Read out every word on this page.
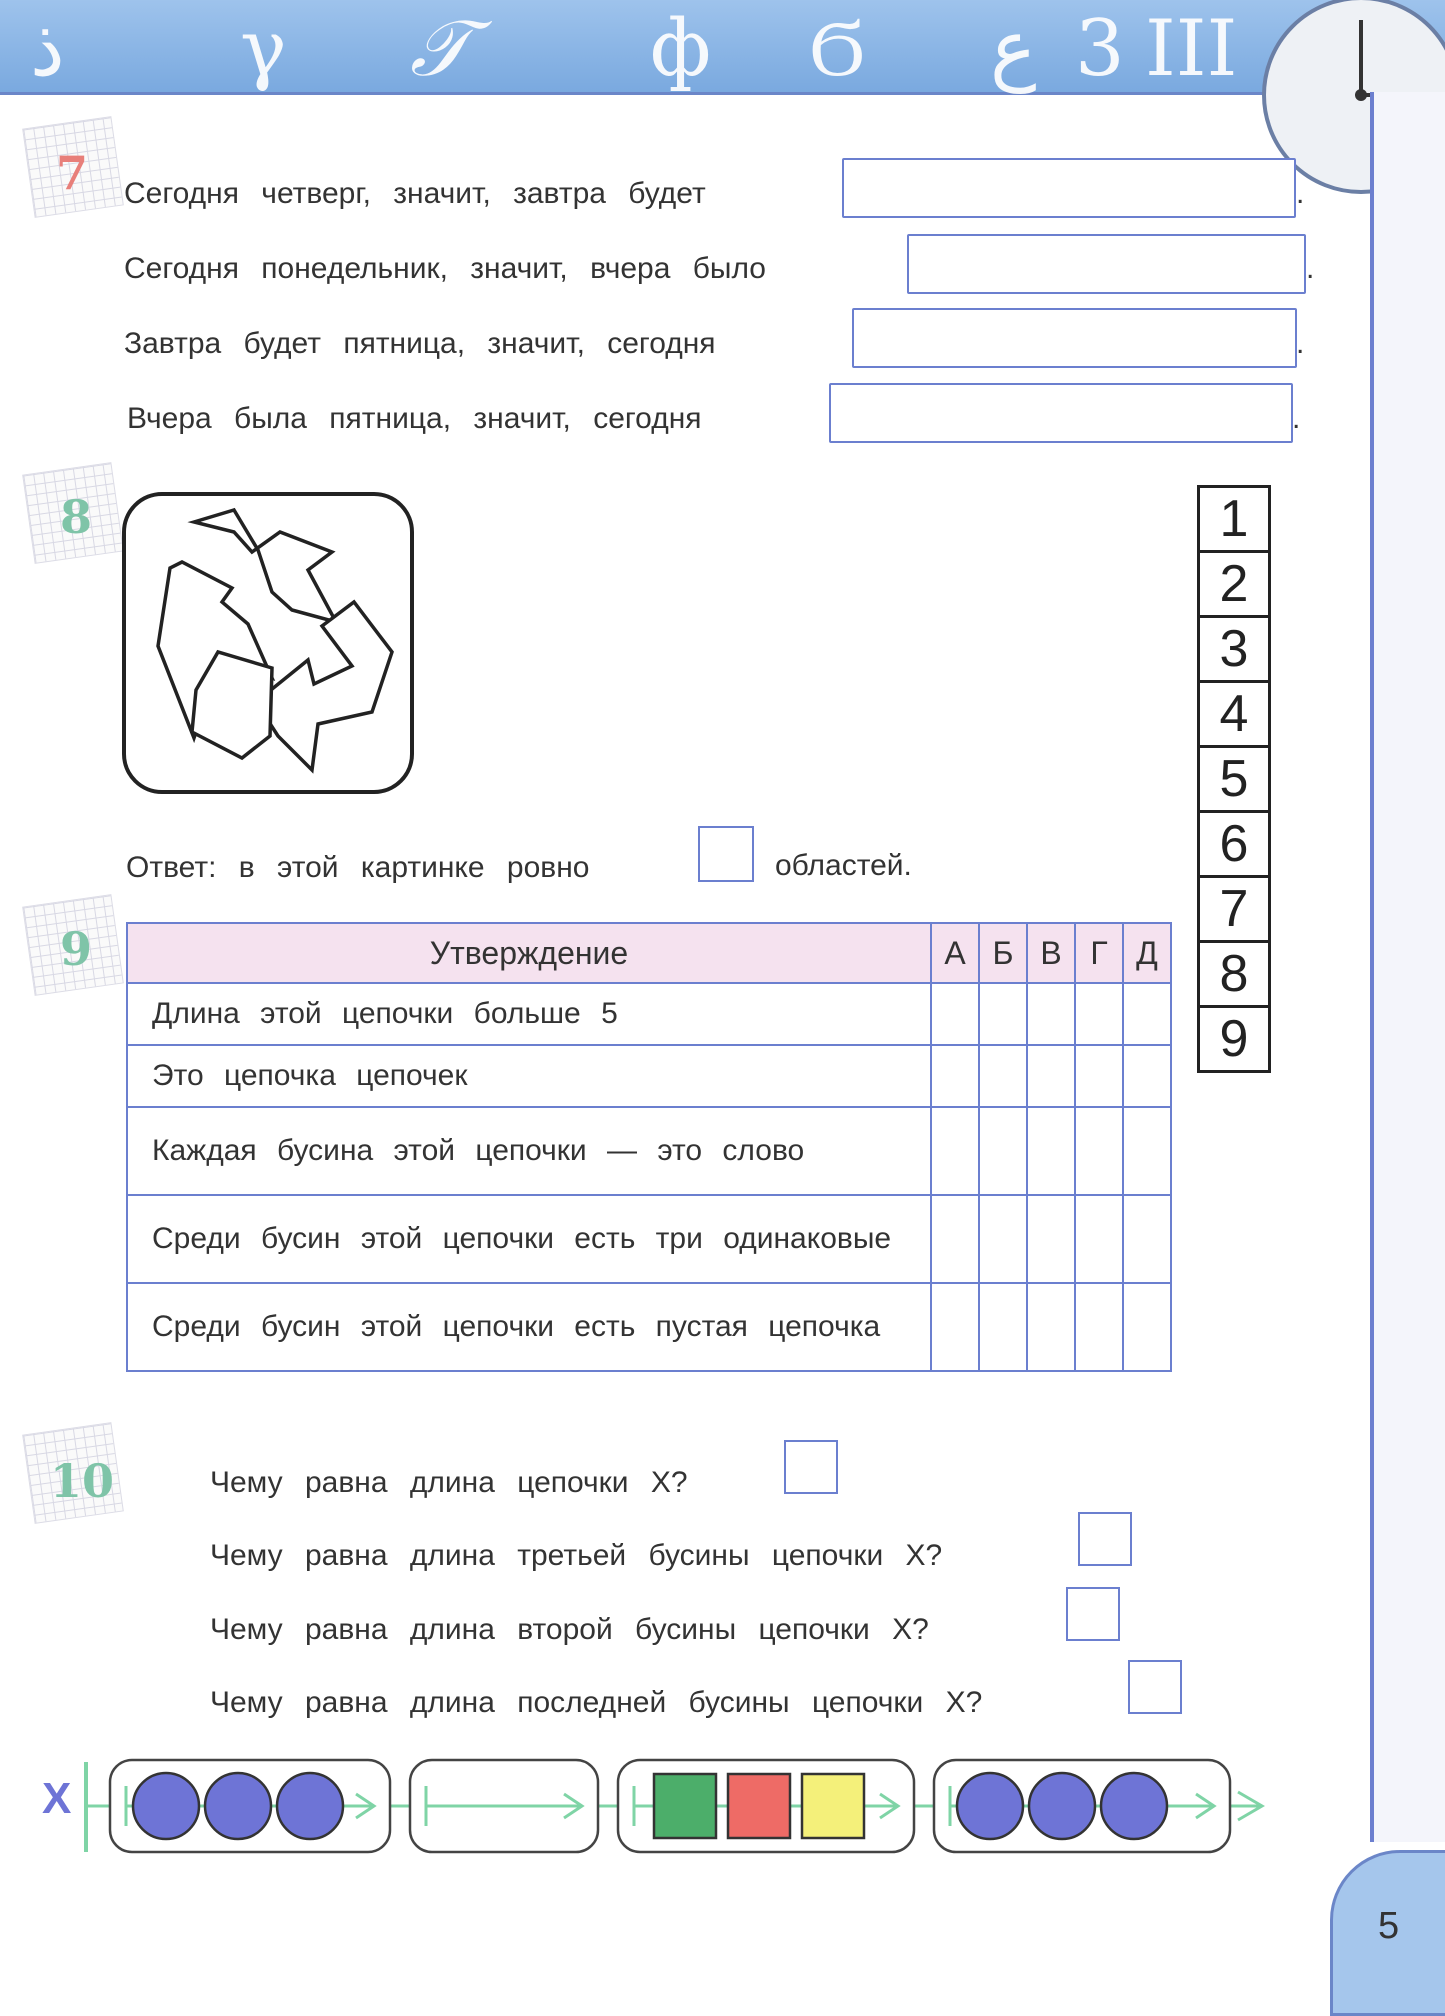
ذ γ 𝒯 ф Ϭ ع 3 III
7 Сегодня четверг, значит, завтра будет	.
Сегодня понедельник, значит, вчера было	.
Завтра будет пятница, значит, сегодня	.
Вчера была пятница, значит, сегодня	.
8	1
2
3
4
5
6
7
8
9
Ответ: в этой картинке ровно	областей.
9	Утверждение	А	Б	В	Г	Д
Длина этой цепочки больше 5					
Это цепочка цепочек					
Каждая бусина этой цепочки — это слово					
Среди бусин этой цепочки есть три одинаковые					
Среди бусин этой цепочки есть пустая цепочка					
10	Чему равна длина цепочки X?
Чему равна длина третьей бусины цепочки X?
Чему равна длина второй бусины цепочки X?
Чему равна длина последней бусины цепочки X?
X
5
